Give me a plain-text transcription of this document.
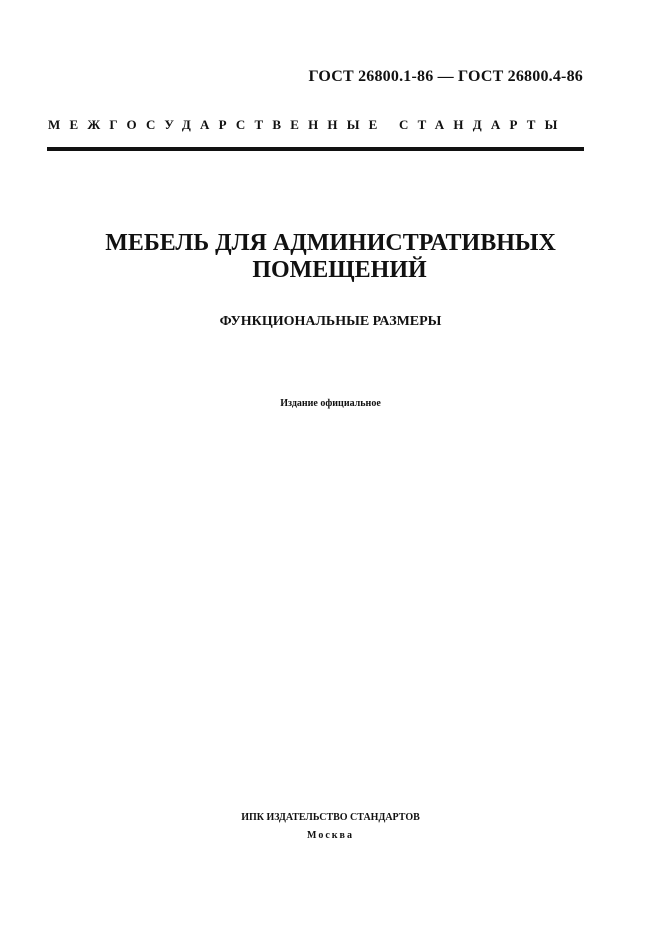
ГОСТ 26800.1-86 — ГОСТ 26800.4-86
МЕЖГОСУДАРСТВЕННЫЕ СТАНДАРТЫ
МЕБЕЛЬ ДЛЯ АДМИНИСТРАТИВНЫХ
ПОМЕЩЕНИЙ
ФУНКЦИОНАЛЬНЫЕ РАЗМЕРЫ
Издание официальное
ИПК ИЗДАТЕЛЬСТВО СТАНДАРТОВ
Москва
